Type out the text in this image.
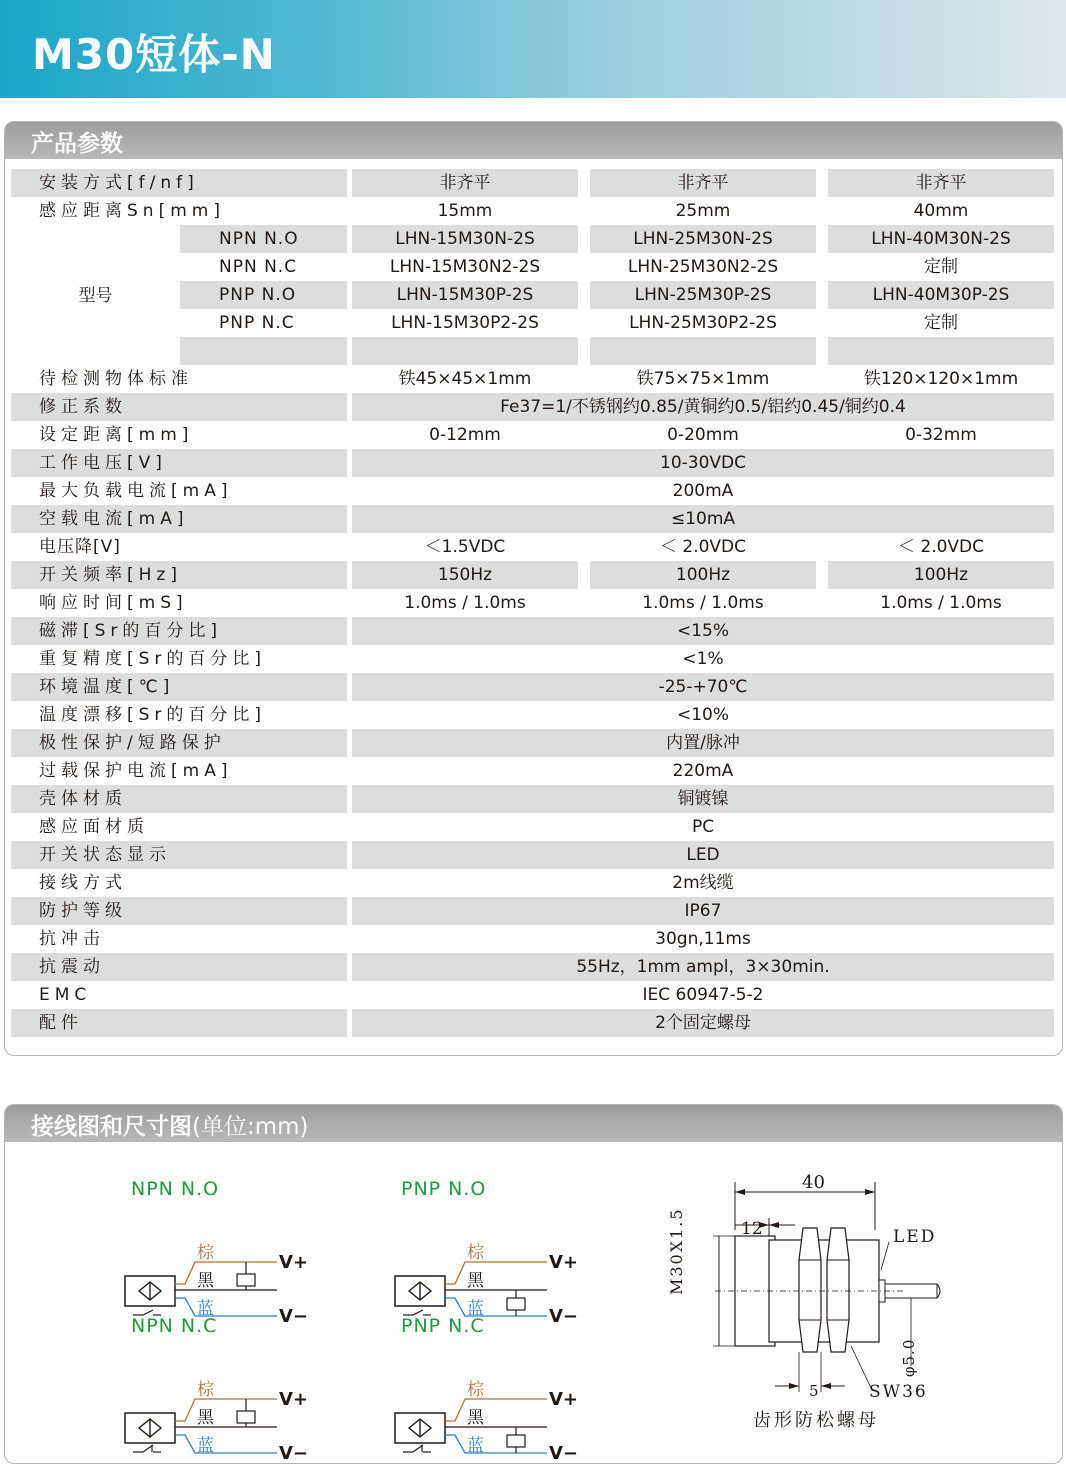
M30短体-N
产品参数
安装方式[f/nf]	非齐平	非齐平	非齐平
感应距离Sn[mm]	15mm	25mm	40mm
型号
NPN N.O	LHN-15M30N-2S	LHN-25M30N-2S	LHN-40M30N-2S
NPN N.C	LHN-15M30N2-2S	LHN-25M30N2-2S	定制
PNP N.O	LHN-15M30P-2S	LHN-25M30P-2S	LHN-40M30P-2S
PNP N.C	LHN-15M30P2-2S	LHN-25M30P2-2S	定制
待检测物体标准	铁45×45×1mm	铁75×75×1mm	铁120×120×1mm
修正系数	Fe37=1/不锈钢约0.85/黄铜约0.5/铝约0.45/铜约0.4
设定距离[mm]	0-12mm	0-20mm	0-32mm
工作电压[V]	10-30VDC
最大负载电流[mA]	200mA
空载电流[mA]	≤10mA
电压降[V]	＜1.5VDC	＜ 2.0VDC	＜ 2.0VDC
开关频率[Hz]	150Hz	100Hz	100Hz
响应时间[mS]	1.0ms / 1.0ms	1.0ms / 1.0ms	1.0ms / 1.0ms
磁滞[Sr的百分比]	<15%
重复精度[Sr的百分比]	<1%
环境温度[℃]	-25-+70℃
温度漂移[Sr的百分比]	<10%
极性保护/短路保护	内置/脉冲
过载保护电流[mA]	220mA
壳体材质	铜镀镍
感应面材质	PC
开关状态显示	LED
接线方式	2m线缆
防护等级	IP67
抗冲击	30gn,11ms
抗震动	55Hz，1mm ampl，3×30min.
EMC	IEC 60947-5-2
配件	2个固定螺母
接线图和尺寸图(单位:mm)
NPN N.O	PNP N.O
NPN N.C	PNP N.C
棕
黑
蓝
V+
V−
棕
黑
蓝
V+
V−
棕
黑
蓝
V+
V−
棕
黑
蓝
V+
V−
40
12
M30X1.5	LED
φ5.0
5	SW36
齿形防松螺母
